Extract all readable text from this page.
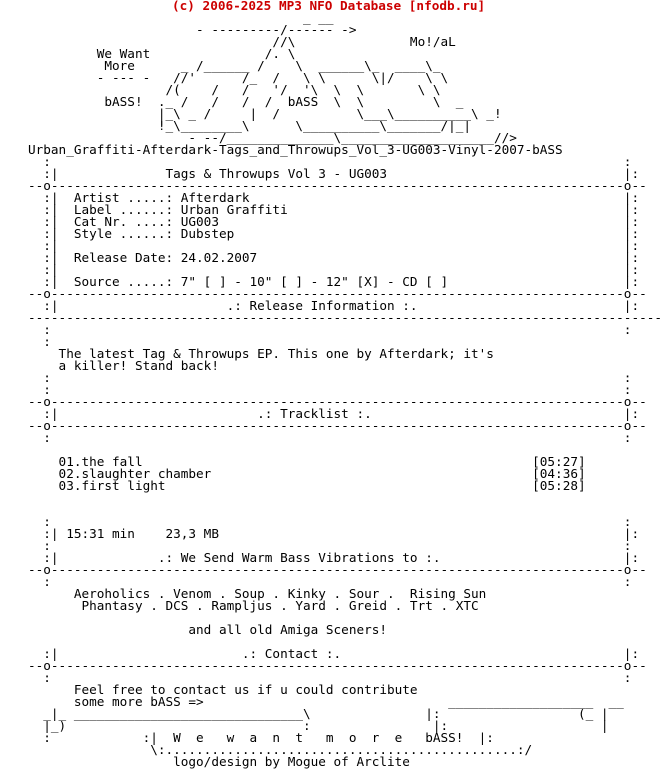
(c) 2006-2025 MP3 NFO Database [nfodb.ru]
_ __
- ---------/------ ->
//\               Mo!/aL
We Want               /. \
More      _ /______ /    \  ______\_  ____\_
- --- -   //'      /_  /   \ \      \|/    \ \
/(    /   /   '/  '\  \  \       \ \
bASS!  ._ /   /   /  /  bASS  \  \         \  _
|_\ _ /     |  /          \___\__________\ _!
!_\________\      \__________\_______/|_|
- --/______________\____________________//>
Urban_Graffiti-Afterdark-Tags_and_Throwups_Vol_3-UG003-Vinyl-2007-bASS
:                                                                           :
:|              Tags & Throwups Vol 3 - UG003                               |:
--o---------------------------------------------------------------------------o--
:|  Artist .....: Afterdark                                                 |:
:|  Label ......: Urban Graffiti                                            |:
:|  Cat Nr. ....: UG003                                                     |:
:|  Style ......: Dubstep                                                   |:
:|                                                                          |:
:|  Release Date: 24.02.2007                                                |:
:|                                                                          |:
:|  Source .....: 7" [ ] - 10" [ ] - 12" [X] - CD [ ]                       |:
--o---------------------------------------------------------------------------o--
:|                      .: Release Information :.                           |:
-----------------------------------------------------------------------------------
:                                                                           :
:
The latest Tag & Throwups EP. This one by Afterdark; it's
a killer! Stand back!
:                                                                           :
:                                                                           :
--o---------------------------------------------------------------------------o--
:|                          .: Tracklist :.                                 |:
--o---------------------------------------------------------------------------o--
:                                                                           :
01.the fall                                                   [05:27]
02.slaughter chamber                                          [04:36]
03.first light                                                [05:28]
:                                                                           :
:| 15:31 min    23,3 MB                                                     |:
:                                                                           :
:|             .: We Send Warm Bass Vibrations to :.                        |:
--o---------------------------------------------------------------------------o--
:                                                                           :
Aeroholics . Venom . Soup . Kinky . Sour .  Rising Sun
Phantasy . DCS . Rampljus . Yard . Greid . Trt . XTC
and all old Amiga Sceners!
:|                        .: Contact :.                                     |:
--o---------------------------------------------------------------------------o--
:                                                                           :
Feel free to contact us if u could contribute
some more bASS =>                                ___________________  __
_|_ ______________________________\               |:                  (_ |
|_)                               :                |:                    |
:            :|  W  e   w  a  n  t   m  o  r  e   bASS!  |:
\:..............................................:/
logo/design by Mogue of Arclite
